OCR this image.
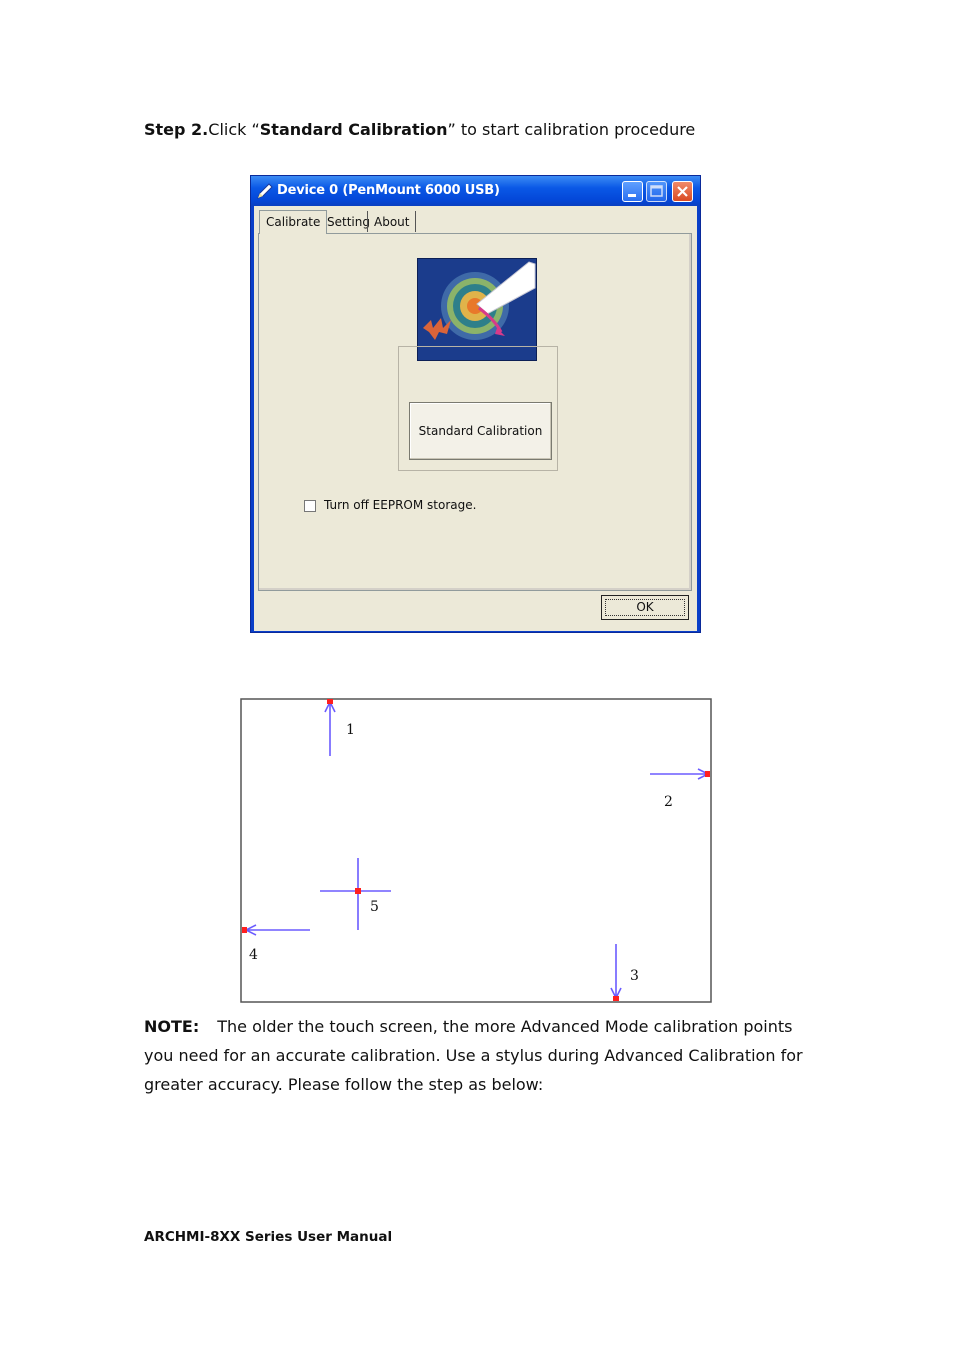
Step 2.Click “Standard Calibration” to start calibration procedure
Device 0 (PenMount 6000 USB)
Calibrate Setting About
Standard Calibration
Turn off EEPROM storage.
OK
1
2
3
4
5
NOTE: The older the touch screen, the more Advanced Mode calibration points you need for an accurate calibration. Use a stylus during Advanced Calibration for greater accuracy. Please follow the step as below:
ARCHMI-8XX Series User Manual
